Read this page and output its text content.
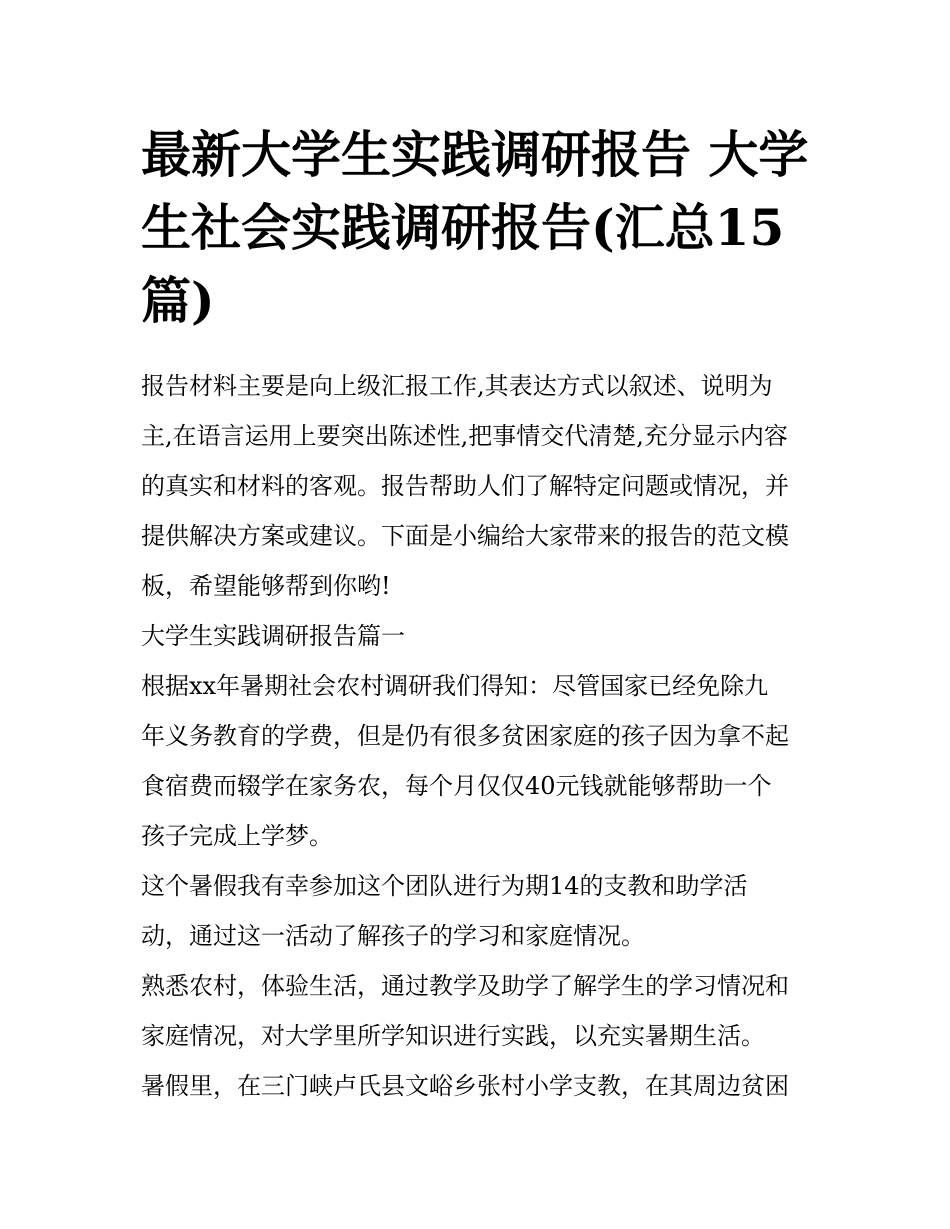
最新大学生实践调研报告 大学
生社会实践调研报告(汇总15
篇)

报告材料主要是向上级汇报工作,其表达方式以叙述、说明为
主,在语言运用上要突出陈述性,把事情交代清楚,充分显示内容
的真实和材料的客观。报告帮助人们了解特定问题或情况，并
提供解决方案或建议。下面是小编给大家带来的报告的范文模
板，希望能够帮到你哟!

大学生实践调研报告篇一

根据xx年暑期社会农村调研我们得知：尽管国家已经免除九
年义务教育的学费，但是仍有很多贫困家庭的孩子因为拿不起
食宿费而辍学在家务农，每个月仅仅40元钱就能够帮助一个
孩子完成上学梦。

这个暑假我有幸参加这个团队进行为期14的支教和助学活
动，通过这一活动了解孩子的学习和家庭情况。

熟悉农村，体验生活，通过教学及助学了解学生的学习情况和
家庭情况，对大学里所学知识进行实践，以充实暑期生活。

暑假里，在三门峡卢氏县文峪乡张村小学支教，在其周边贫困
